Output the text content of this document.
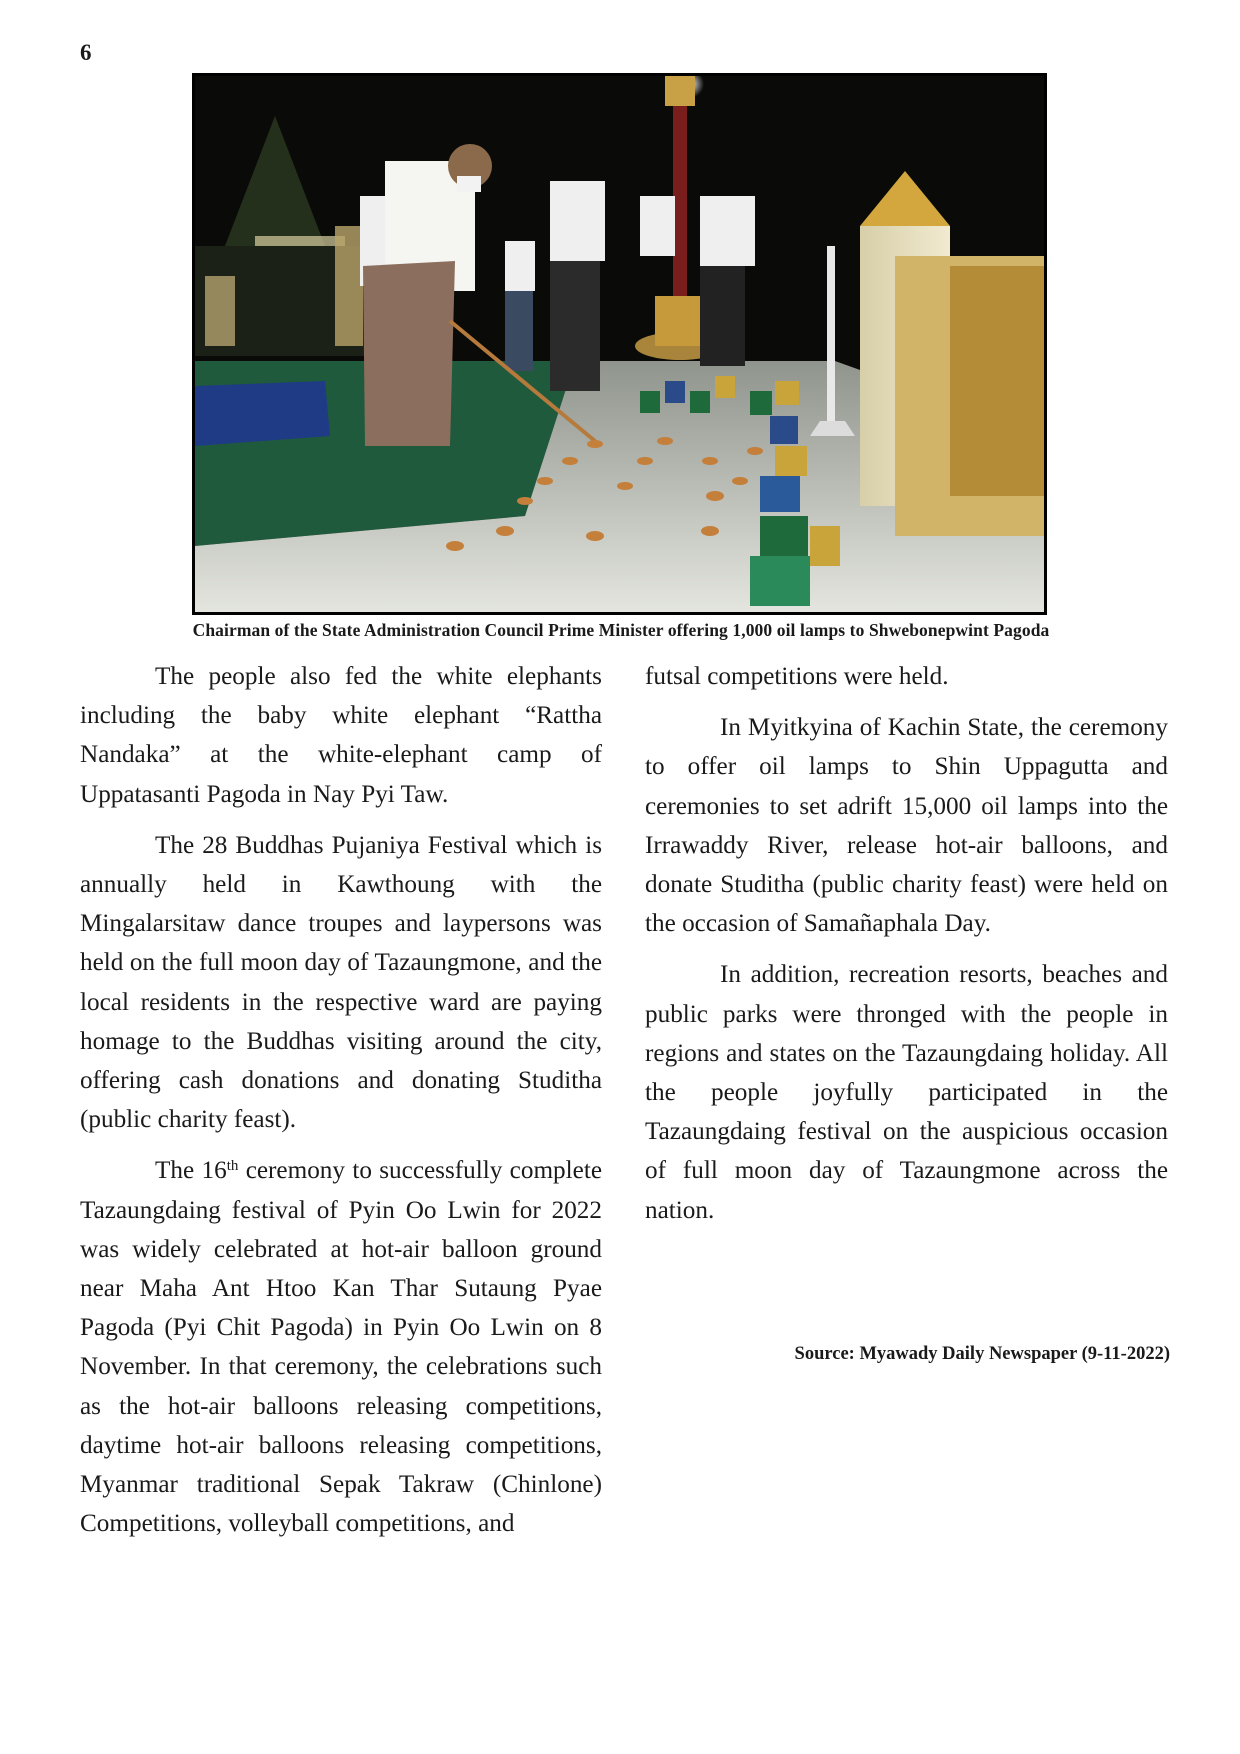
6
Chairman of the State Administration Council Prime Minister offering 1,000 oil lamps to Shwebonepwint Pagoda

The people also fed the white elephants including the baby white elephant “Rattha Nandaka” at the white-elephant camp of Uppatasanti Pagoda in Nay Pyi Taw.

The 28 Buddhas Pujaniya Festival which is annually held in Kawthoung with the Mingalarsitaw dance troupes and laypersons was held on the full moon day of Tazaungmone, and the local residents in the respective ward are paying homage to the Buddhas visiting around the city, offering cash donations and donating Studitha (public charity feast).

The 16th ceremony to successfully complete Tazaungdaing festival of Pyin Oo Lwin for 2022 was widely celebrated at hot-air balloon ground near Maha Ant Htoo Kan Thar Sutaung Pyae Pagoda (Pyi Chit Pagoda) in Pyin Oo Lwin on 8 November. In that ceremony, the celebrations such as the hot-air balloons releasing competitions, daytime hot-air balloons releasing competitions, Myanmar traditional Sepak Takraw (Chinlone) Competitions, volleyball competitions, and

futsal competitions were held.

In Myitkyina of Kachin State, the ceremony to offer oil lamps to Shin Uppagutta and ceremonies to set adrift 15,000 oil lamps into the Irrawaddy River, release hot-air balloons, and donate Studitha (public charity feast) were held on the occasion of Samañaphala Day.

In addition, recreation resorts, beaches and public parks were thronged with the people in regions and states on the Tazaungdaing holiday. All the people joyfully participated in the Tazaungdaing festival on the auspicious occasion of full moon day of Tazaungmone across the nation.

Source: Myawady Daily Newspaper (9-11-2022)
